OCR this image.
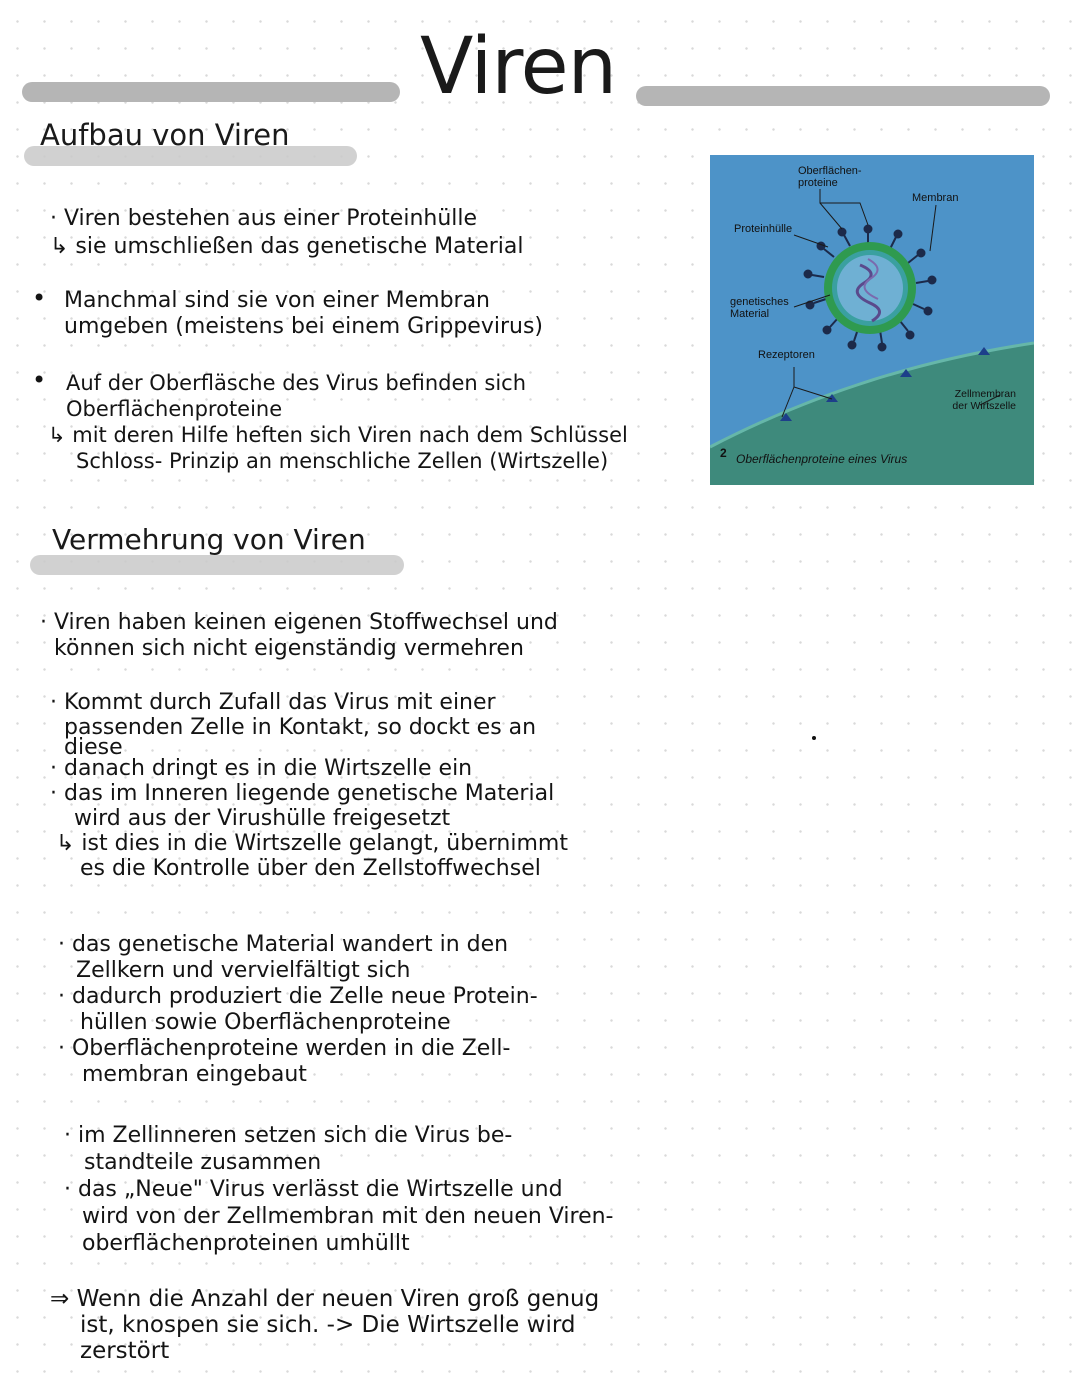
Viren
Aufbau von Viren
· Viren bestehen aus einer Proteinhülle
↳ sie umschließen das genetische Material
• Manchmal sind sie von einer Membran
umgeben (meistens bei einem Grippevirus)
• Auf der Oberfläsche des Virus befinden sich
Oberflächenproteine
↳ mit deren Hilfe heften sich Viren nach dem Schlüssel
Schloss- Prinzip an menschliche Zellen (Wirtszelle)
Oberflächen-proteine
Membran
Proteinhülle
genetisches Material
Rezeptoren
Zellmembran der Wirtszelle
2 Oberflächenproteine eines Virus
Vermehrung von Viren
· Viren haben keinen eigenen Stoffwechsel und
können sich nicht eigenständig vermehren
· Kommt durch Zufall das Virus mit einer
passenden Zelle in Kontakt, so dockt es an
diese
· danach dringt es in die Wirtszelle ein
· das im Inneren liegende genetische Material
wird aus der Virushülle freigesetzt
↳ ist dies in die Wirtszelle gelangt, übernimmt
es die Kontrolle über den Zellstoffwechsel
· das genetische Material wandert in den
Zellkern und vervielfältigt sich
· dadurch produziert die Zelle neue Protein-
hüllen sowie Oberflächenproteine
· Oberflächenproteine werden in die Zell-
membran eingebaut
· im Zellinneren setzen sich die Virus be-
standteile zusammen
· das „Neue" Virus verlässt die Wirtszelle und
wird von der Zellmembran mit den neuen Viren-
oberflächenproteinen umhüllt
⇒ Wenn die Anzahl der neuen Viren groß genug
ist, knospen sie sich. -> Die Wirtszelle wird
zerstört
